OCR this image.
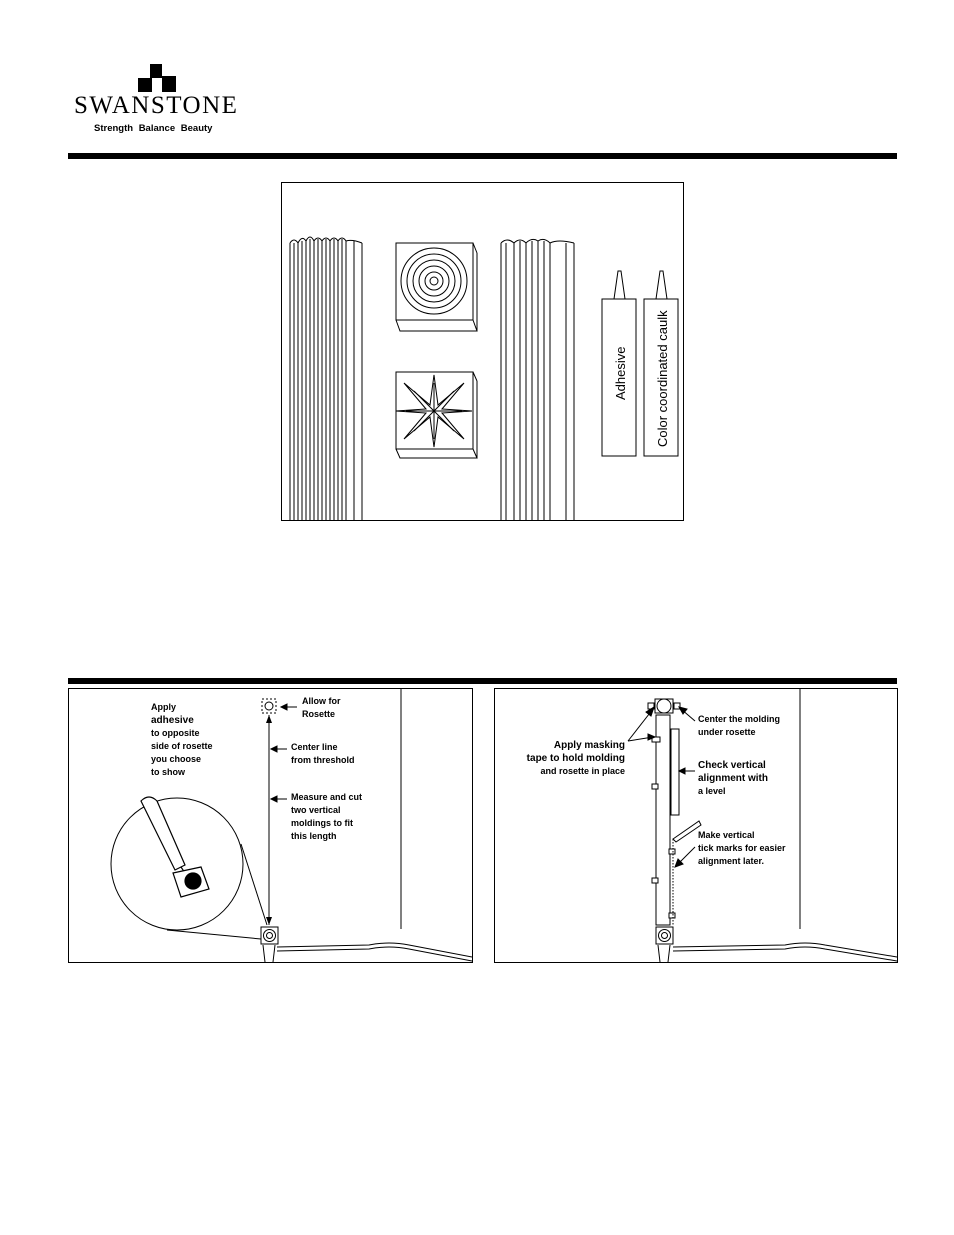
SWANSTONE
Strength Balance Beauty
Adhesive Color coordinated caulk
Apply
adhesive
to opposite
side of rosette
you choose
to show
Allow for
Rosette
Center line
from threshold
Measure and cut
two vertical
moldings to fit
this length
Center the molding
under rosette
Apply masking
tape to hold molding
and rosette in place	Check vertical
alignment with
a level
Make vertical
tick marks for easier
alignment later.
